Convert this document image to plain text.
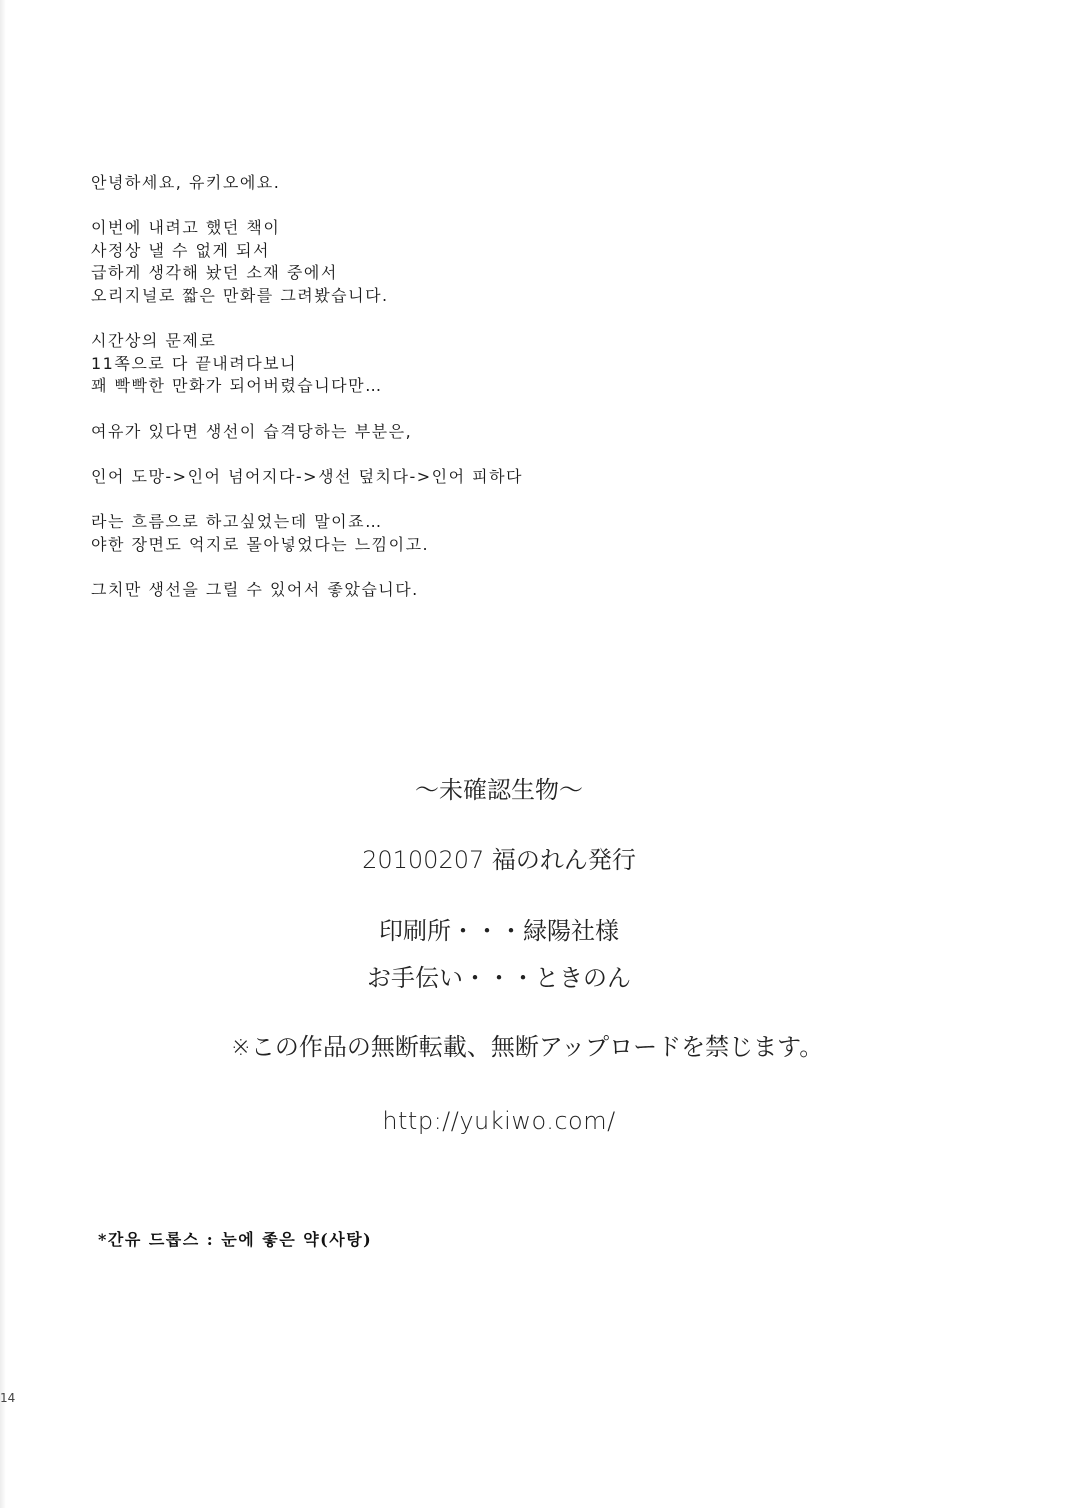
안녕하세요, 유키오에요.
이번에 내려고 했던 책이
사정상 낼 수 없게 되서
급하게 생각해 놨던 소재 중에서
오리지널로 짧은 만화를 그려봤습니다.
시간상의 문제로
11쪽으로 다 끝내려다보니
꽤 빡빡한 만화가 되어버렸습니다만…
여유가 있다면 생선이 습격당하는 부분은,
인어 도망->인어 넘어지다->생선 덮치다->인어 피하다
라는 흐름으로 하고싶었는데 말이죠…
야한 장면도 억지로 몰아넣었다는 느낌이고.
그치만 생선을 그릴 수 있어서 좋았습니다.
～未確認生物～
20100207 福のれん発行
印刷所・・・緑陽社様
お手伝い・・・ときのん
※この作品の無断転載、無断アップロードを禁じます。
http://yukiwo.com/
*간유 드롭스 : 눈에 좋은 약(사탕)
14
